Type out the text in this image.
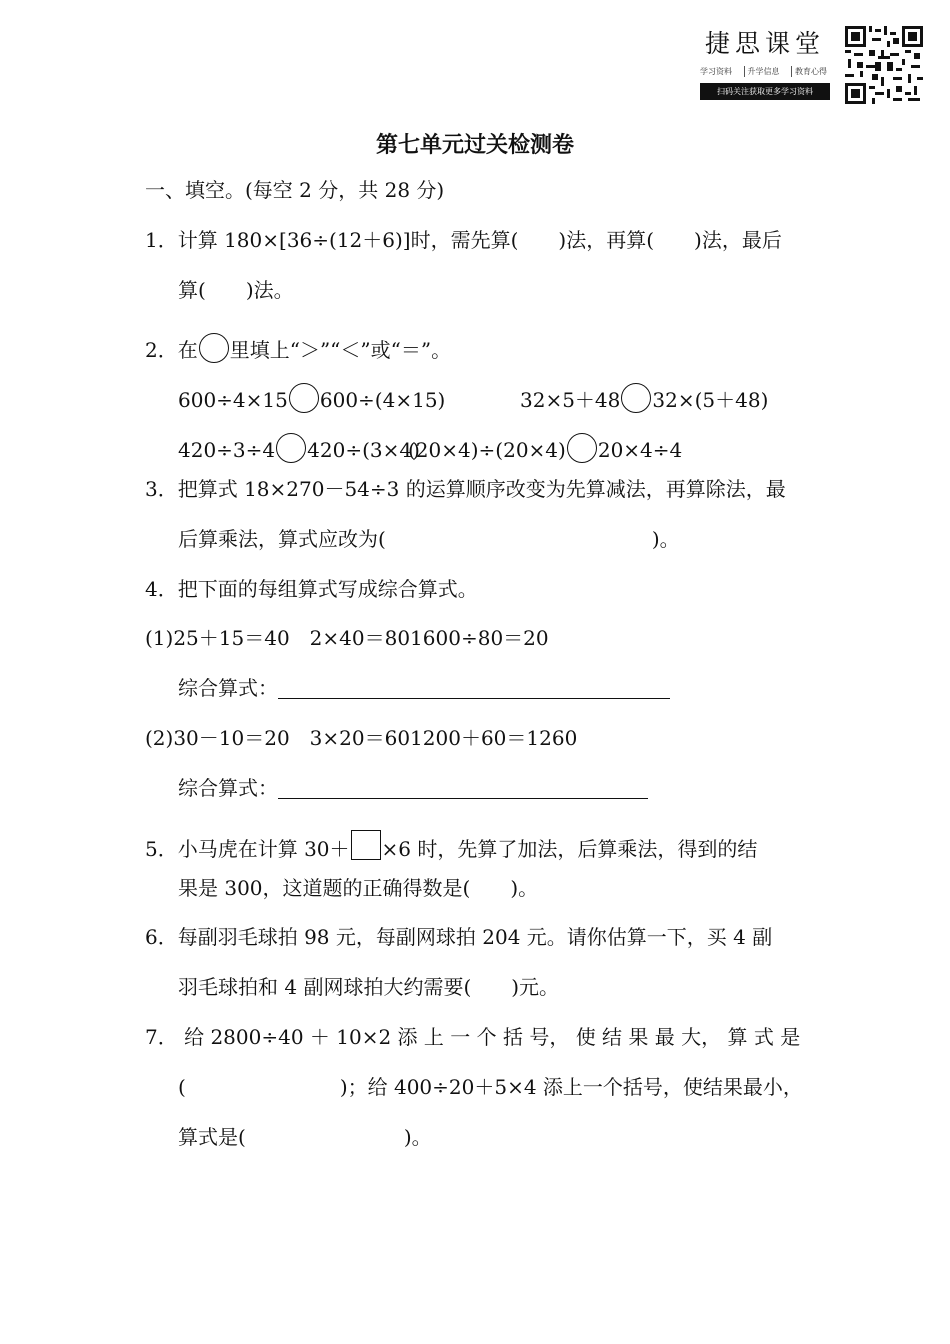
捷思课堂
学习资料	升学信息	教育心得
扫码关注获取更多学习资料
第七单元过关检测卷
一、填空。(每空 2 分，共 28 分)
1．计算 180×[36÷(12＋6)]时，需先算( )法，再算( )法，最后
算( )法。
2．在 里填上“＞”“＜”或“＝”。
600÷4×15 600÷(4×15)	32×5＋48 32×(5＋48)
420÷3÷4 420÷(3×4)
(20×4)÷(20×4) 20×4÷4
3．把算式 18×270－54÷3 的运算顺序改变为先算减法，再算除法，最
后算乘法，算式应改为(	)。
4．把下面的每组算式写成综合算式。
(1)25＋15＝40　2×40＝801600÷80＝20
综合算式：
(2)30－10＝20　3×20＝601200＋60＝1260
综合算式：
5．小马虎在计算 30＋ ×6 时，先算了加法，后算乘法，得到的结
果是 300，这道题的正确得数是( )。
6．每副羽毛球拍 98 元，每副网球拍 204 元。请你估算一下，买 4 副
羽毛球拍和 4 副网球拍大约需要( )元。
7． 给 2800÷40 ＋ 10×2 添 上 一 个 括 号， 使 结 果 最 大， 算 式 是
(	)；给 400÷20＋5×4 添上一个括号，使结果最小，
算式是(	)。
